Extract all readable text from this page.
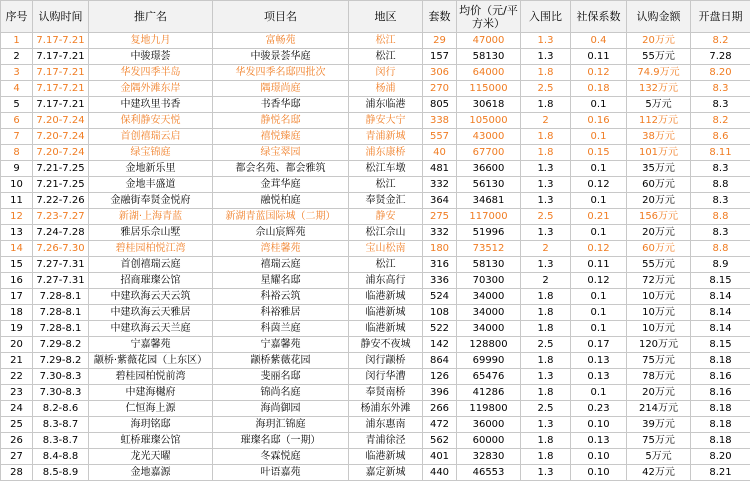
序号	认购时间	推广名	项目名	地区	套数	均价（元/平方米）	入围比	社保系数	认购金额	开盘日期
1	7.17-7.21	复地九月	富畅苑	松江	29	47000	1.3	0.4	20万元	8.2
2	7.17-7.21	中骏璟荟	中骏景荟华庭	松江	157	58130	1.3	0.11	55万元	7.28
3	7.17-7.21	华发四季半岛	华发四季名邸四批次	闵行	306	64000	1.8	0.12	74.9万元	8.20
4	7.17-7.21	金隅外滩东岸	隅璟尚庭	杨浦	270	115000	2.5	0.18	132万元	8.3
5	7.17-7.21	中建玖里书香	书香华邸	浦东临港	805	30618	1.8	0.1	5万元	8.3
6	7.20-7.24	保利静安天悦	静悦名邸	静安大宁	338	105000	2	0.16	112万元	8.2
7	7.20-7.24	首创禧瑞云启	禧悦臻庭	青浦新城	557	43000	1.8	0.1	38万元	8.6
8	7.20-7.24	绿宝锦庭	绿宝翠园	浦东康桥	40	67700	1.8	0.15	101万元	8.11
9	7.21-7.25	金地新乐里	都会名苑、都会雅筑	松江车墩	481	36600	1.3	0.1	35万元	8.3
10	7.21-7.25	金地丰盛道	金茸华庭	松江	332	56130	1.3	0.12	60万元	8.8
11	7.22-7.26	金融街奉贤金悦府	融悦柏庭	奉贤金汇	364	34681	1.3	0.1	20万元	8.3
12	7.23-7.27	新湖·上海青蓝	新湖青蓝国际城（二期）	静安	275	117000	2.5	0.21	156万元	8.8
13	7.24-7.28	雅居乐佘山墅	佘山宸辉苑	松江佘山	332	51996	1.3	0.1	20万元	8.3
14	7.26-7.30	碧桂园柏悦江湾	湾桂馨苑	宝山松南	180	73512	2	0.12	60万元	8.8
15	7.27-7.31	首创禧瑞云庭	禧瑞云庭	松江	316	58130	1.3	0.11	55万元	8.9
16	7.27-7.31	招商璀璨公馆	星耀名邸	浦东高行	336	70300	2	0.12	72万元	8.15
17	7.28-8.1	中建玖海云天云筑	科裕云筑	临港新城	524	34000	1.8	0.1	10万元	8.14
18	7.28-8.1	中建玖海云天雅居	科裕雅居	临港新城	108	34000	1.8	0.1	10万元	8.14
19	7.28-8.1	中建玖海云天兰庭	科茵兰庭	临港新城	522	34000	1.8	0.1	10万元	8.14
20	7.29-8.2	宁嘉馨苑	宁嘉馨苑	静安不夜城	142	128800	2.5	0.17	120万元	8.15
21	7.29-8.2	颛桥·紫薇花园（上东区）	颛桥紫薇花园	闵行颛桥	864	69990	1.8	0.13	75万元	8.18
22	7.30-8.3	碧桂园柏悦前湾	斐丽名邸	闵行华漕	126	65476	1.3	0.13	78万元	8.16
23	7.30-8.3	中建海樾府	锦尚名庭	奉贤南桥	396	41286	1.8	0.1	20万元	8.16
24	8.2-8.6	仁恒海上源	海尚御园	杨浦东外滩	266	119800	2.5	0.23	214万元	8.18
25	8.3-8.7	海玥铭邸	海玥汇锦庭	浦东惠南	472	36000	1.3	0.10	39万元	8.18
26	8.3-8.7	虹桥璀璨公馆	璀璨名邸（一期）	青浦徐泾	562	60000	1.8	0.13	75万元	8.18
27	8.4-8.8	龙光天曜	冬霖悦庭	临港新城	401	32830	1.8	0.10	5万元	8.20
28	8.5-8.9	金地嘉源	叶语嘉苑	嘉定新城	440	46553	1.3	0.10	42万元	8.21
